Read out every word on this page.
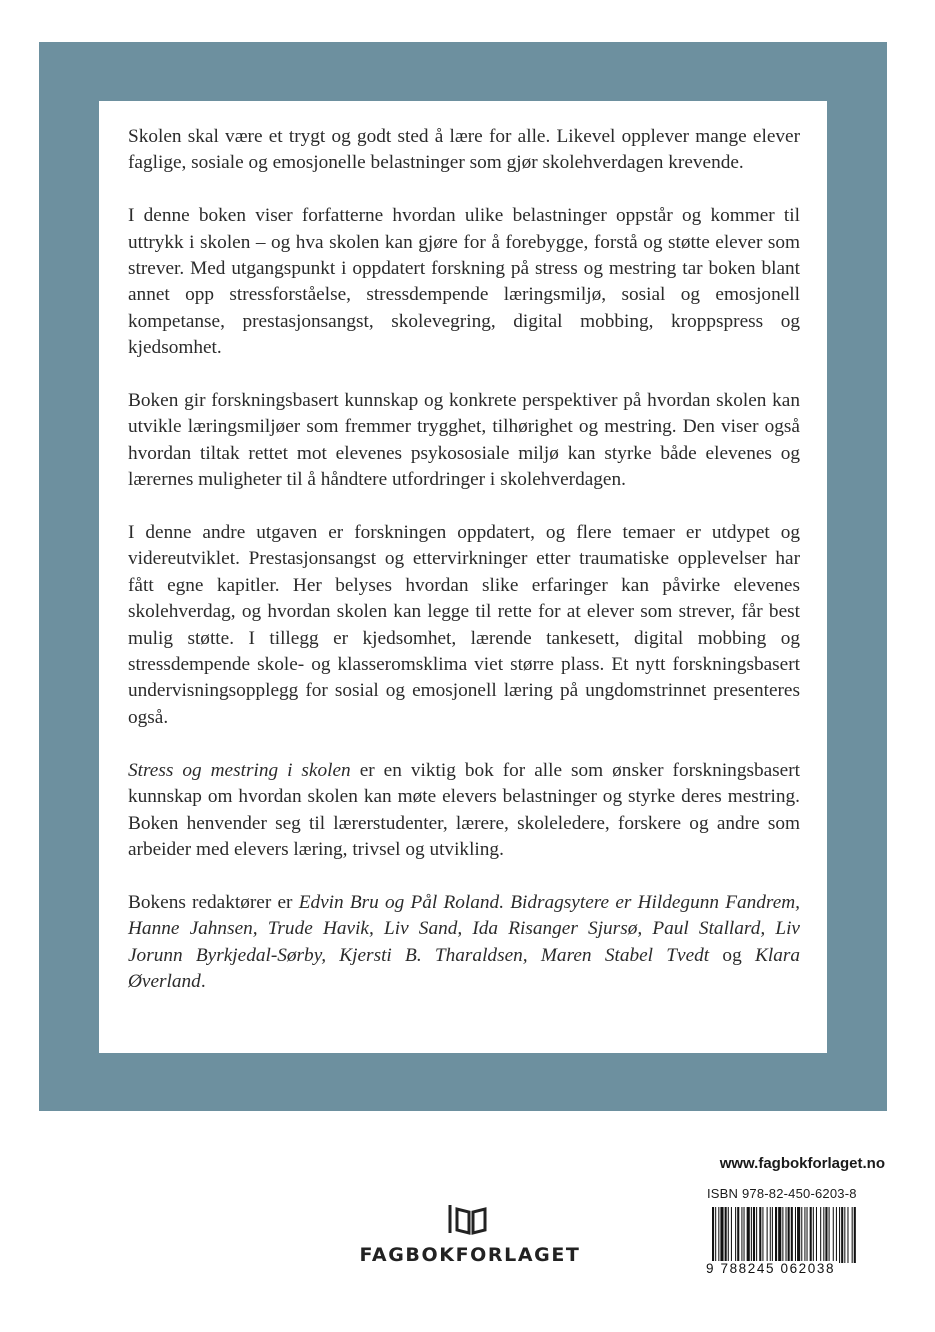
Skolen skal være et trygt og godt sted å lære for alle. Likevel opplever mange elever faglige, sosiale og emosjonelle belastninger som gjør skolehverdagen krevende.

I denne boken viser forfatterne hvordan ulike belastninger oppstår og kommer til uttrykk i skolen – og hva skolen kan gjøre for å forebygge, forstå og støtte elever som strever. Med utgangspunkt i oppdatert forskning på stress og mestring tar boken blant annet opp stressforståelse, stressdempende læringsmiljø, sosial og emosjonell kompetanse, prestasjonsangst, skolevegring, digital mobbing, kroppspress og kjedsomhet.

Boken gir forskningsbasert kunnskap og konkrete perspektiver på hvordan skolen kan utvikle læringsmiljøer som fremmer trygghet, tilhørighet og mestring. Den viser også hvordan tiltak rettet mot elevenes psykososiale miljø kan styrke både elevenes og lærernes muligheter til å håndtere utfordringer i skolehverdagen.

I denne andre utgaven er forskningen oppdatert, og flere temaer er utdypet og videreutviklet. Prestasjonsangst og ettervirkninger etter traumatiske opplevelser har fått egne kapitler. Her belyses hvordan slike erfaringer kan påvirke elevenes skolehverdag, og hvordan skolen kan legge til rette for at elever som strever, får best mulig støtte. I tillegg er kjedsomhet, lærende tankesett, digital mobbing og stressdempende skole- og klasseromsklima viet større plass. Et nytt forskningsbasert undervisningsopplegg for sosial og emosjonell læring på ungdomstrinnet presenteres også.

Stress og mestring i skolen er en viktig bok for alle som ønsker forskningsbasert kunnskap om hvordan skolen kan møte elevers belastninger og styrke deres mestring. Boken henvender seg til lærerstudenter, lærere, skoleledere, forskere og andre som arbeider med elevers læring, trivsel og utvikling.

Bokens redaktører er Edvin Bru og Pål Roland. Bidragsytere er Hildegunn Fandrem, Hanne Jahnsen, Trude Havik, Liv Sand, Ida Risanger Sjursø, Paul Stallard, Liv Jorunn Byrkjedal-Sørby, Kjersti B. Tharaldsen, Maren Stabel Tvedt og Klara Øverland.

www.fagbokforlaget.no
FAGBOKFORLAGET
ISBN 978-82-450-6203-8
9 788245 062038
